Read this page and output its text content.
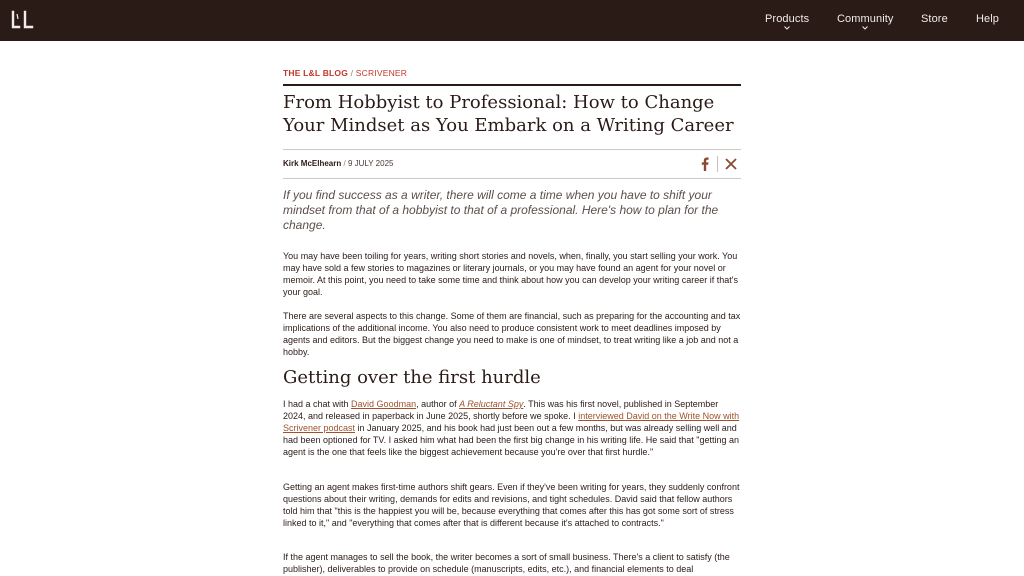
Products	Community Store	Help
THE L&L BLOG / SCRIVENER
From Hobbyist to Professional: How to Change Your Mindset as You Embark on a Writing Career
Kirk McElhearn / 9 JULY 2025

If you find success as a writer, there will come a time when you have to shift your mindset from that of a hobbyist to that of a professional. Here's how to plan for the change.

You may have been toiling for years, writing short stories and novels, when, finally, you start selling your work. You may have sold a few stories to magazines or literary journals, or you may have found an agent for your novel or memoir. At this point, you need to take some time and think about how you can develop your writing career if that's your goal.

There are several aspects to this change. Some of them are financial, such as preparing for the accounting and tax implications of the additional income. You also need to produce consistent work to meet deadlines imposed by agents and editors. But the biggest change you need to make is one of mindset, to treat writing like a job and not a hobby.

Getting over the first hurdle

I had a chat with David Goodman, author of A Reluctant Spy. This was his first novel, published in September 2024, and released in paperback in June 2025, shortly before we spoke. I interviewed David on the Write Now with Scrivener podcast in January 2025, and his book had just been out a few months, but was already selling well and had been optioned for TV. I asked him what had been the first big change in his writing life. He said that "getting an agent is the one that feels like the biggest achievement because you're over that first hurdle."

Getting an agent makes first-time authors shift gears. Even if they've been writing for years, they suddenly confront questions about their writing, demands for edits and revisions, and tight schedules. David said that fellow authors told him that "this is the happiest you will be, because everything that comes after this has got some sort of stress linked to it," and "everything that comes after that is different because it's attached to contracts."

If the agent manages to sell the book, the writer becomes a sort of small business. There's a client to satisfy (the publisher), deliverables to provide on schedule (manuscripts, edits, etc.), and financial elements to deal
